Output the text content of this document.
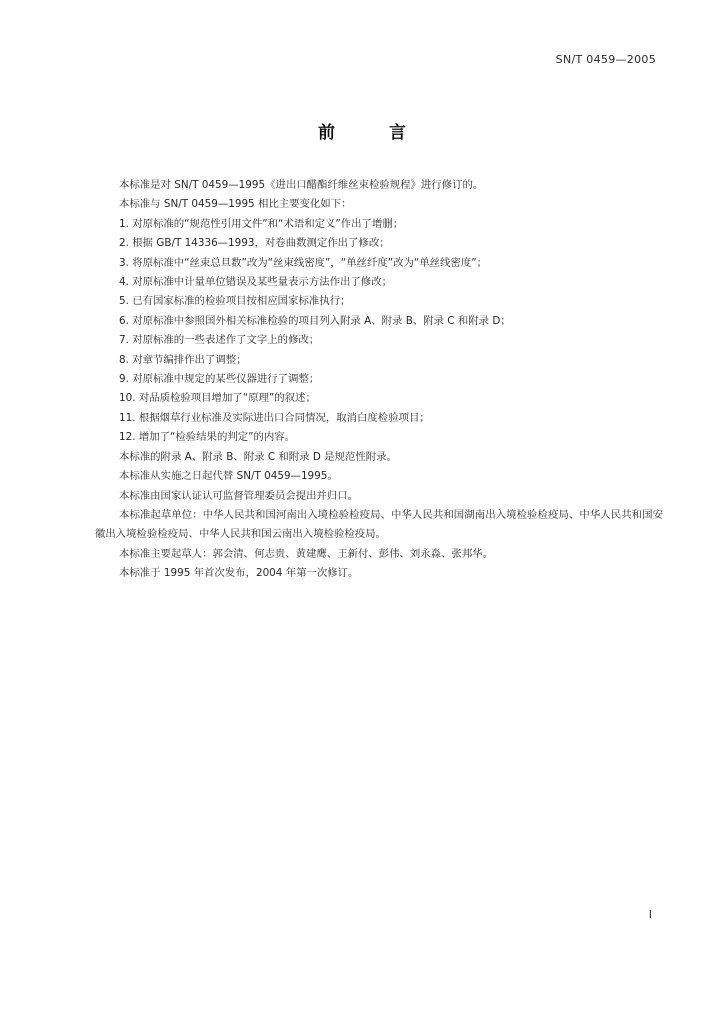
SN/T 0459—2005
前 言

本标准是对 SN/T 0459—1995《进出口醋酯纤维丝束检验规程》进行修订的。

本标准与 SN/T 0459—1995 相比主要变化如下：

1. 对原标准的“规范性引用文件”和“术语和定义”作出了增删；

2. 根据 GB/T 14336—1993，对卷曲数测定作出了修改；

3. 将原标准中“丝束总旦数”改为“丝束线密度”，“单丝纤度”改为“单丝线密度”；

4. 对原标准中计量单位错误及某些量表示方法作出了修改；

5. 已有国家标准的检验项目按相应国家标准执行；

6. 对原标准中参照国外相关标准检验的项目列入附录 A、附录 B、附录 C 和附录 D；

7. 对原标准的一些表述作了文字上的修改；

8. 对章节编排作出了调整；

9. 对原标准中规定的某些仪器进行了调整；

10. 对品质检验项目增加了“原理”的叙述；

11. 根据烟草行业标准及实际进出口合同情况，取消白度检验项目；

12. 增加了“检验结果的判定”的内容。

本标准的附录 A、附录 B、附录 C 和附录 D 是规范性附录。

本标准从实施之日起代替 SN/T 0459—1995。

本标准由国家认证认可监督管理委员会提出并归口。

本标准起草单位：中华人民共和国河南出入境检验检疫局、中华人民共和国湖南出入境检验检疫局、中华人民共和国安徽出入境检验检疫局、中华人民共和国云南出入境检验检疫局。

本标准主要起草人：郭会清、何志贵、黄建鹰、王新付、彭伟、刘永淼、张邦华。

本标准于 1995 年首次发布，2004 年第一次修订。

I
